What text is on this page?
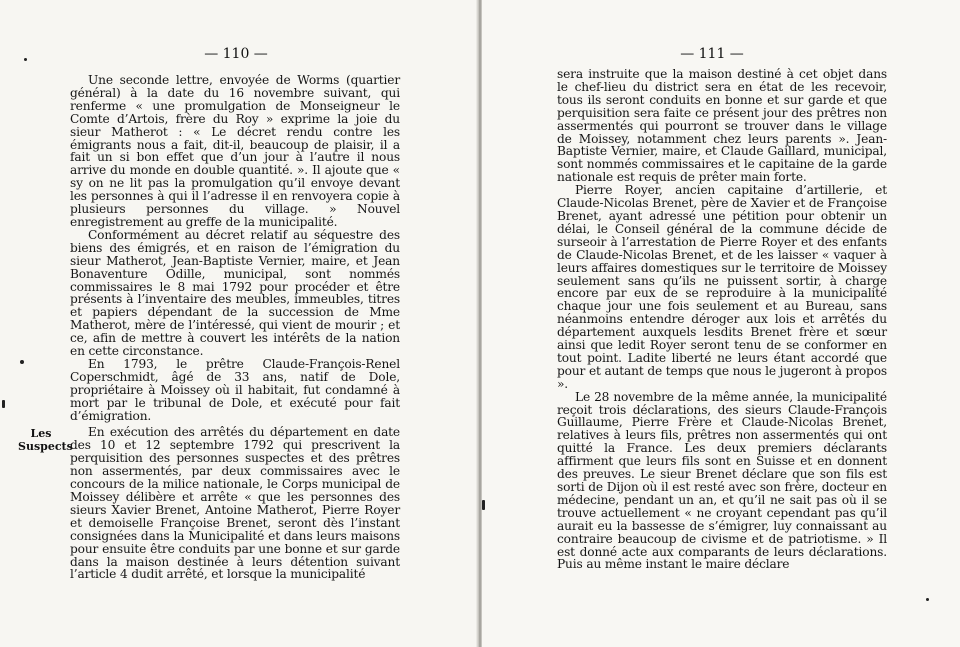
— 110 —

Une seconde lettre, envoyée de Worms (quartier général) à la date du 16 novembre suivant, qui renferme « une promulgation de Monseigneur le Comte d’Artois, frère du Roy » exprime la joie du sieur Matherot : « Le décret rendu contre les émigrants nous a fait, dit-il, beaucoup de plaisir, il a fait un si bon effet que d’un jour à l’autre il nous arrive du monde en double quantité. ». Il ajoute que « sy on ne lit pas la promulgation qu’il envoye devant les personnes à qui il l’adresse il en renvoyera copie à plusieurs personnes du village. » Nouvel enregistrement au greffe de la municipalité.

Conformément au décret relatif au séquestre des biens des émigrés, et en raison de l’émigration du sieur Matherot, Jean-Baptiste Vernier, maire, et Jean Bonaventure Odille, municipal, sont nommés commissaires le 8 mai 1792 pour procéder et être présents à l’inventaire des meubles, immeubles, titres et papiers dépendant de la succession de Mme Matherot, mère de l’intéressé, qui vient de mourir ; et ce, afin de mettre à couvert les intérêts de la nation en cette circonstance.

En 1793, le prêtre Claude-François-Renel Coperschmidt, âgé de 33 ans, natif de Dole, propriétaire à Moissey où il habitait, fut condamné à mort par le tribunal de Dole, et exécuté pour fait d’émigration.

En exécution des arrêtés du département en date des 10 et 12 septembre 1792 qui prescrivent la perquisition des personnes suspectes et des prêtres non assermentés, par deux commissaires avec le concours de la milice nationale, le Corps municipal de Moissey délibère et arrête « que les personnes des sieurs Xavier Brenet, Antoine Matherot, Pierre Royer et demoiselle Françoise Brenet, seront dès l’instant consignées dans la Municipalité et dans leurs maisons pour ensuite être conduits par une bonne et sur garde dans la maison destinée à leurs détention suivant l’article 4 dudit arrêté, et lorsque la municipalité

Les
Suspects
— 111 —

sera instruite que la maison destiné à cet objet dans le chef-lieu du district sera en état de les recevoir, tous ils seront conduits en bonne et sur garde et que perquisition sera faite ce présent jour des prêtres non assermentés qui pourront se trouver dans le village de Moissey, notamment chez leurs parents ». Jean-Baptiste Vernier, maire, et Claude Gaillard, municipal, sont nommés commissaires et le capitaine de la garde nationale est requis de prêter main forte.

Pierre Royer, ancien capitaine d’artillerie, et Claude-Nicolas Brenet, père de Xavier et de Françoise Brenet, ayant adressé une pétition pour obtenir un délai, le Conseil général de la commune décide de surseoir à l’arrestation de Pierre Royer et des enfants de Claude-Nicolas Brenet, et de les laisser « vaquer à leurs affaires domestiques sur le territoire de Moissey seulement sans qu’ils ne puissent sortir, à charge encore par eux de se reproduire à la municipalité chaque jour une fois seulement et au Bureau, sans néanmoins entendre déroger aux lois et arrêtés du département auxquels lesdits Brenet frère et sœur ainsi que ledit Royer seront tenu de se conformer en tout point. Ladite liberté ne leurs étant accordé que pour et autant de temps que nous le jugeront à propos ».

Le 28 novembre de la même année, la municipalité reçoit trois déclarations, des sieurs Claude-François Guillaume, Pierre Frère et Claude-Nicolas Brenet, relatives à leurs fils, prêtres non assermentés qui ont quitté la France. Les deux premiers déclarants affirment que leurs fils sont en Suisse et en donnent des preuves. Le sieur Brenet déclare que son fils est sorti de Dijon où il est resté avec son frère, docteur en médecine, pendant un an, et qu’il ne sait pas où il se trouve actuellement « ne croyant cependant pas qu’il aurait eu la bassesse de s’émigrer, luy connaissant au contraire beaucoup de civisme et de patriotisme. » Il est donné acte aux comparants de leurs déclarations. Puis au même instant le maire déclare
